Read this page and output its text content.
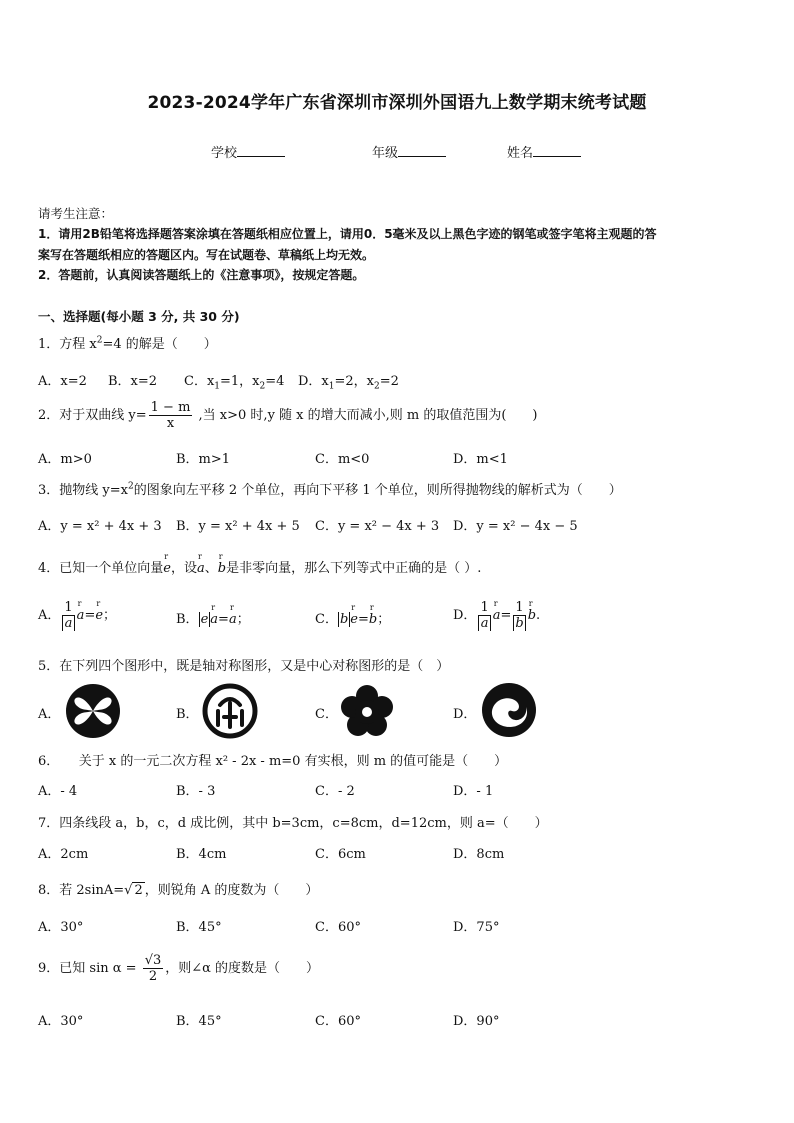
2023-2024学年广东省深圳市深圳外国语九上数学期末统考试题
学校	年级	姓名
请考生注意：
1．请用2B铅笔将选择题答案涂填在答题纸相应位置上，请用0．5毫米及以上黑色字迹的钢笔或签字笔将主观题的答
案写在答题纸相应的答题区内。写在试题卷、草稿纸上均无效。
2．答题前，认真阅读答题纸上的《注意事项》，按规定答题。
一、选择题(每小题 3 分, 共 30 分)
1．方程 $x^2=4$ 的解是（　　）
A．x=2 B．x=2 C．$x_1=1$，$x_2=4$ D．$x_1=2$，$x_2=2$
2．对于双曲线 $y= \frac{1 - m}{x}$ ,当 x>0 时,y 随 x 的增大而减小,则 m 的取值范围为(　　)
A．m>0	B．m>1	C．m<0	D．m<1
3．抛物线 $y=x^2$的图象向左平移 2 个单位，再向下平移 1 个单位，则所得抛物线的解析式为（　　）
A．y = x² + 4x + 3 B．y = x² + 4x + 5 C．y = x² − 4x + 3 D．y = x² − 4x − 5
4．已知一个单位向量r e，设r a、r b是非零向量，那么下列等式中正确的是（ ）.
A． $\frac{1}{a}$ r a=r e；	B． e r a=r a；	C． b r e=r b；	D． $\frac{1}{a}$ r $a= \frac{1}{b}$ r b.
5．在下列四个图形中，既是轴对称图形，又是中心对称图形的是（　）
A．	B．	C．	D．
6．　　关于 x 的一元二次方程 x² - 2x - m=0 有实根，则 m 的值可能是（　　）
A．- 4	B．- 3	C．- 2	D．- 1
7．四条线段 a，b，c，d 成比例，其中 b=3cm，c=8cm，d=12cm，则 a=（　　）
A．2cm	B．4cm	C．6cm	D．8cm
8．若 2sinA=√ 2 ，则锐角 A 的度数为（　　）
A．30°	B．45°	C．60°	D．75°
9．已知 $\sin \alpha = \frac{√3}{2}$ ，则∠α 的度数是（　　）
A．30°	B．45°	C．60°	D．90°
